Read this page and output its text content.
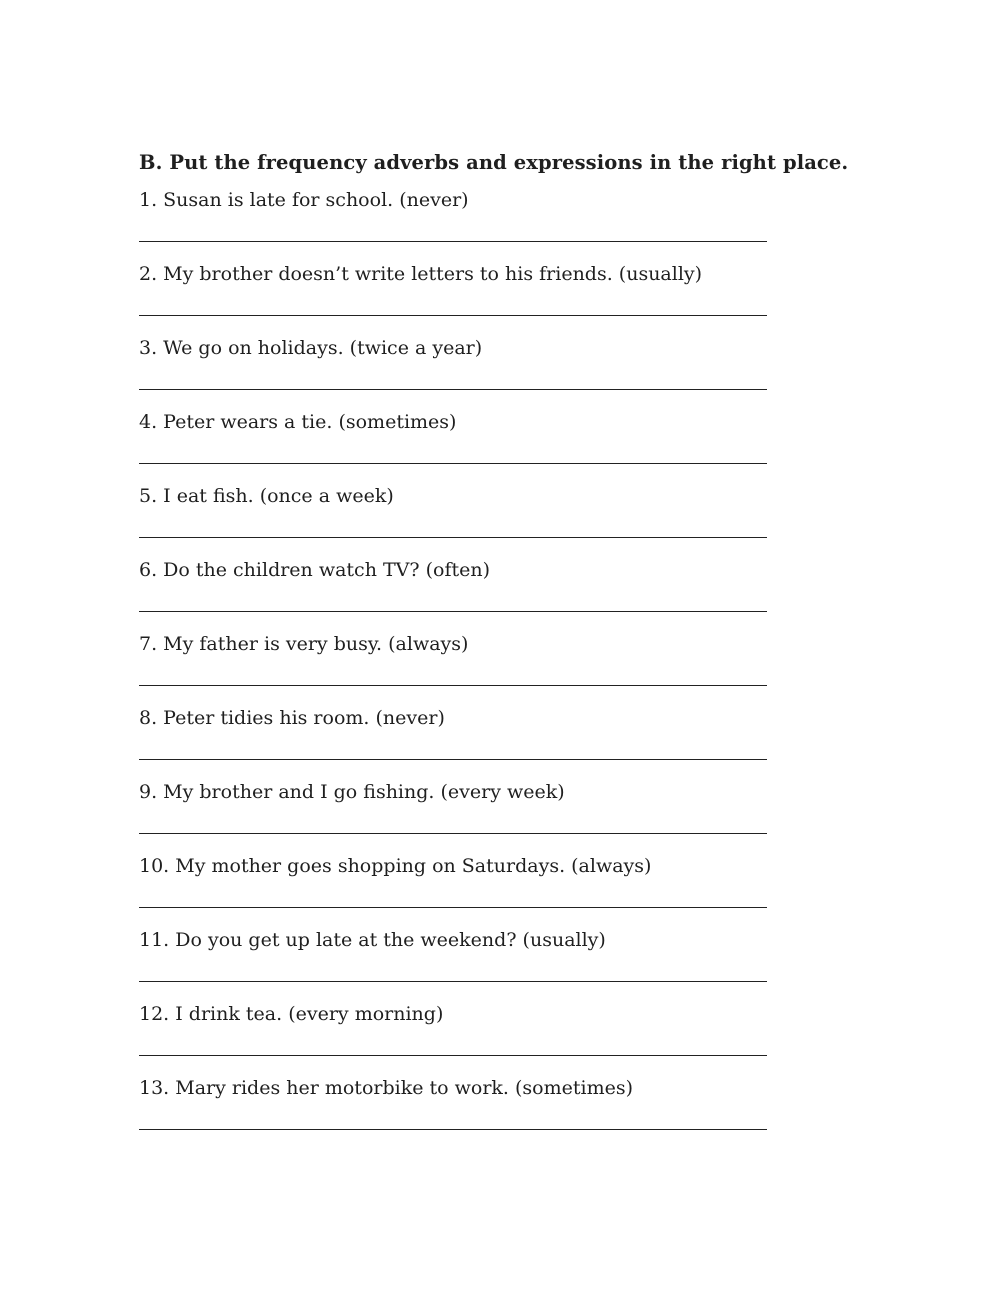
B. Put the frequency adverbs and expressions in the right place.
1. Susan is late for school. (never)
2. My brother doesn’t write letters to his friends. (usually)
3. We go on holidays. (twice a year)
4. Peter wears a tie. (sometimes)
5. I eat fish. (once a week)
6. Do the children watch TV? (often)
7. My father is very busy. (always)
8. Peter tidies his room. (never)
9. My brother and I go fishing. (every week)
10. My mother goes shopping on Saturdays. (always)
11. Do you get up late at the weekend? (usually)
12. I drink tea. (every morning)
13. Mary rides her motorbike to work. (sometimes)
